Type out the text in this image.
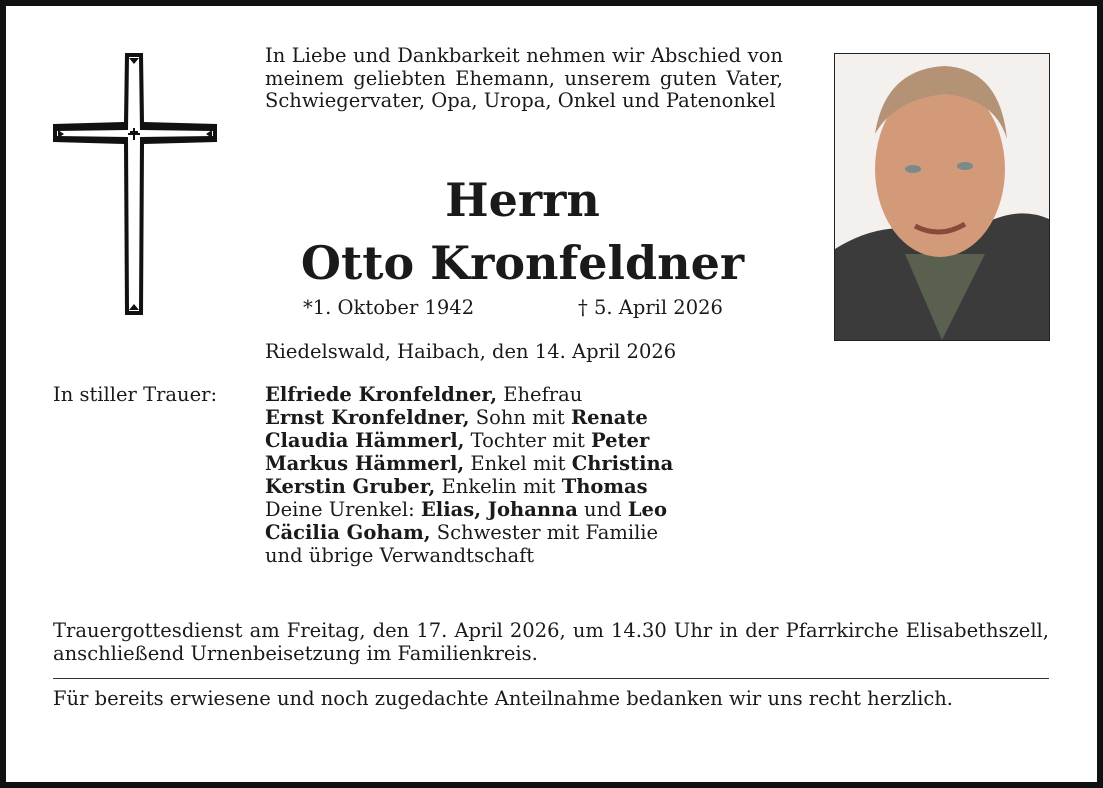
In Liebe und Dankbarkeit nehmen wir Abschied von meinem geliebten Ehemann, unserem guten Vater, Schwiegervater, Opa, Uropa, Onkel und Patenonkel
Herrn
Otto Kronfeldner
*1. Oktober 1942	† 5. April 2026
Riedelswald, Haibach, den 14. April 2026
In stiller Trauer: Elfriede Kronfeldner, Ehefrau
Ernst Kronfeldner, Sohn mit Renate
Claudia Hämmerl, Tochter mit Peter
Markus Hämmerl, Enkel mit Christina
Kerstin Gruber, Enkelin mit Thomas
Deine Urenkel: Elias, Johanna und Leo
Cäcilia Goham, Schwester mit Familie
und übrige Verwandtschaft
Trauergottesdienst am Freitag, den 17. April 2026, um 14.30 Uhr in der Pfarrkirche Elisabethszell, anschließend Urnenbeisetzung im Familienkreis.
Für bereits erwiesene und noch zugedachte Anteilnahme bedanken wir uns recht herzlich.
